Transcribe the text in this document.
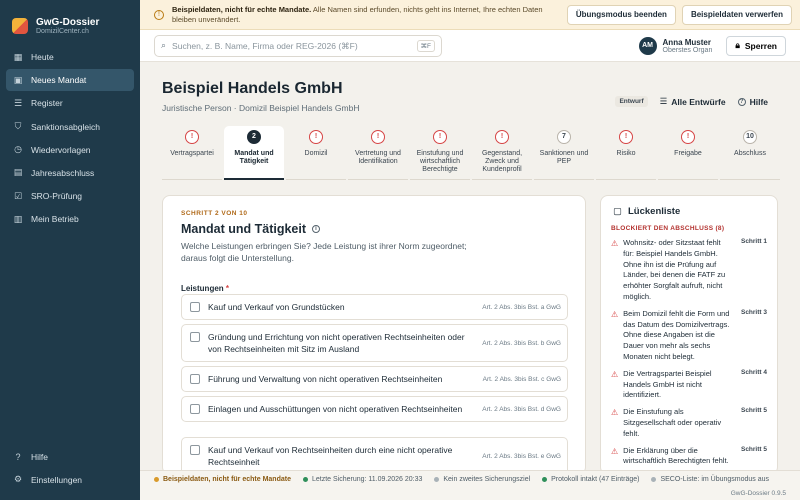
GwG-Dossier
DomizilCenter.ch
▦ Heute
▣ Neues Mandat
☰ Register
⛉ Sanktionsabgleich
◷ Wiedervorlagen
▤ Jahresabschluss
☑ SRO-Prüfung
▥ Mein Betrieb
? Hilfe
⚙ Einstellungen
!
Beispieldaten, nicht für echte Mandate. Alle Namen sind erfunden, nichts geht ins Internet, Ihre echten Daten bleiben unverändert.	Übungsmodus beenden	Beispieldaten verwerfen
⌕
Suchen, z. B. Name, Firma oder REG-2026 (⌘F)	⌘F	AM	Anna Muster
Oberstes Organ	🔒︎ Sperren
Beispiel Handels GmbH
Juristische Person · Domizil Beispiel Handels GmbH
Entwurf	☰ Alle Entwürfe	? Hilfe
!
Vertragspartei
2
Mandat und Tätigkeit
!
Domizil
!
Vertretung und Identifikation
!
Einstufung und wirtschaftlich Berechtigte
!
Gegenstand, Zweck und Kundenprofil
7
Sanktionen und PEP
!
Risiko
!
Freigabe
10
Abschluss
SCHRITT 2 VON 10
Mandat und Tätigkeit	i
Welche Leistungen erbringen Sie? Jede Leistung ist ihrer Norm zugeordnet; daraus folgt die Unterstellung.
Leistungen *
Kauf und Verkauf von Grundstücken	Art. 2 Abs. 3bis Bst. a GwG
Gründung und Errichtung von nicht operativen Rechtseinheiten oder von Rechtseinheiten mit Sitz im Ausland
Art. 2 Abs. 3bis Bst. b GwG
Führung und Verwaltung von nicht operativen Rechtseinheiten	Art. 2 Abs. 3bis Bst. c GwG
Einlagen und Ausschüttungen von nicht operativen Rechtseinheiten	Art. 2 Abs. 3bis Bst. d GwG
Kauf und Verkauf von Rechtseinheiten durch eine nicht operative Rechtseinheit
Art. 2 Abs. 3bis Bst. e GwG
▢ Lückenliste
BLOCKIERT DEN ABSCHLUSS (8)
⚠︎ Wohnsitz- oder Sitzstaat fehlt für: Beispiel Handels GmbH. Ohne ihn ist die Prüfung auf Länder, bei denen die FATF zu erhöhter Sorgfalt aufruft, nicht möglich.
Schritt 1
⚠︎ Beim Domizil fehlt die Form und das Datum des Domizilvertrags. Ohne diese Angaben ist die Dauer von mehr als sechs Monaten nicht belegt.
Schritt 3
⚠︎ Die Vertragspartei Beispiel Handels GmbH ist nicht identifiziert.
Schritt 4
⚠︎ Die Einstufung als Sitzgesellschaft oder operativ fehlt.
Schritt 5
⚠︎ Die Erklärung über die wirtschaftlich Berechtigten fehlt.
Schritt 5
Beispieldaten, nicht für echte Mandate	Letzte Sicherung: 11.09.2026 20:33	Kein zweites Sicherungsziel	Protokoll intakt (47 Einträge)	SECO-Liste: im Übungsmodus aus
GwG-Dossier 0.9.5
